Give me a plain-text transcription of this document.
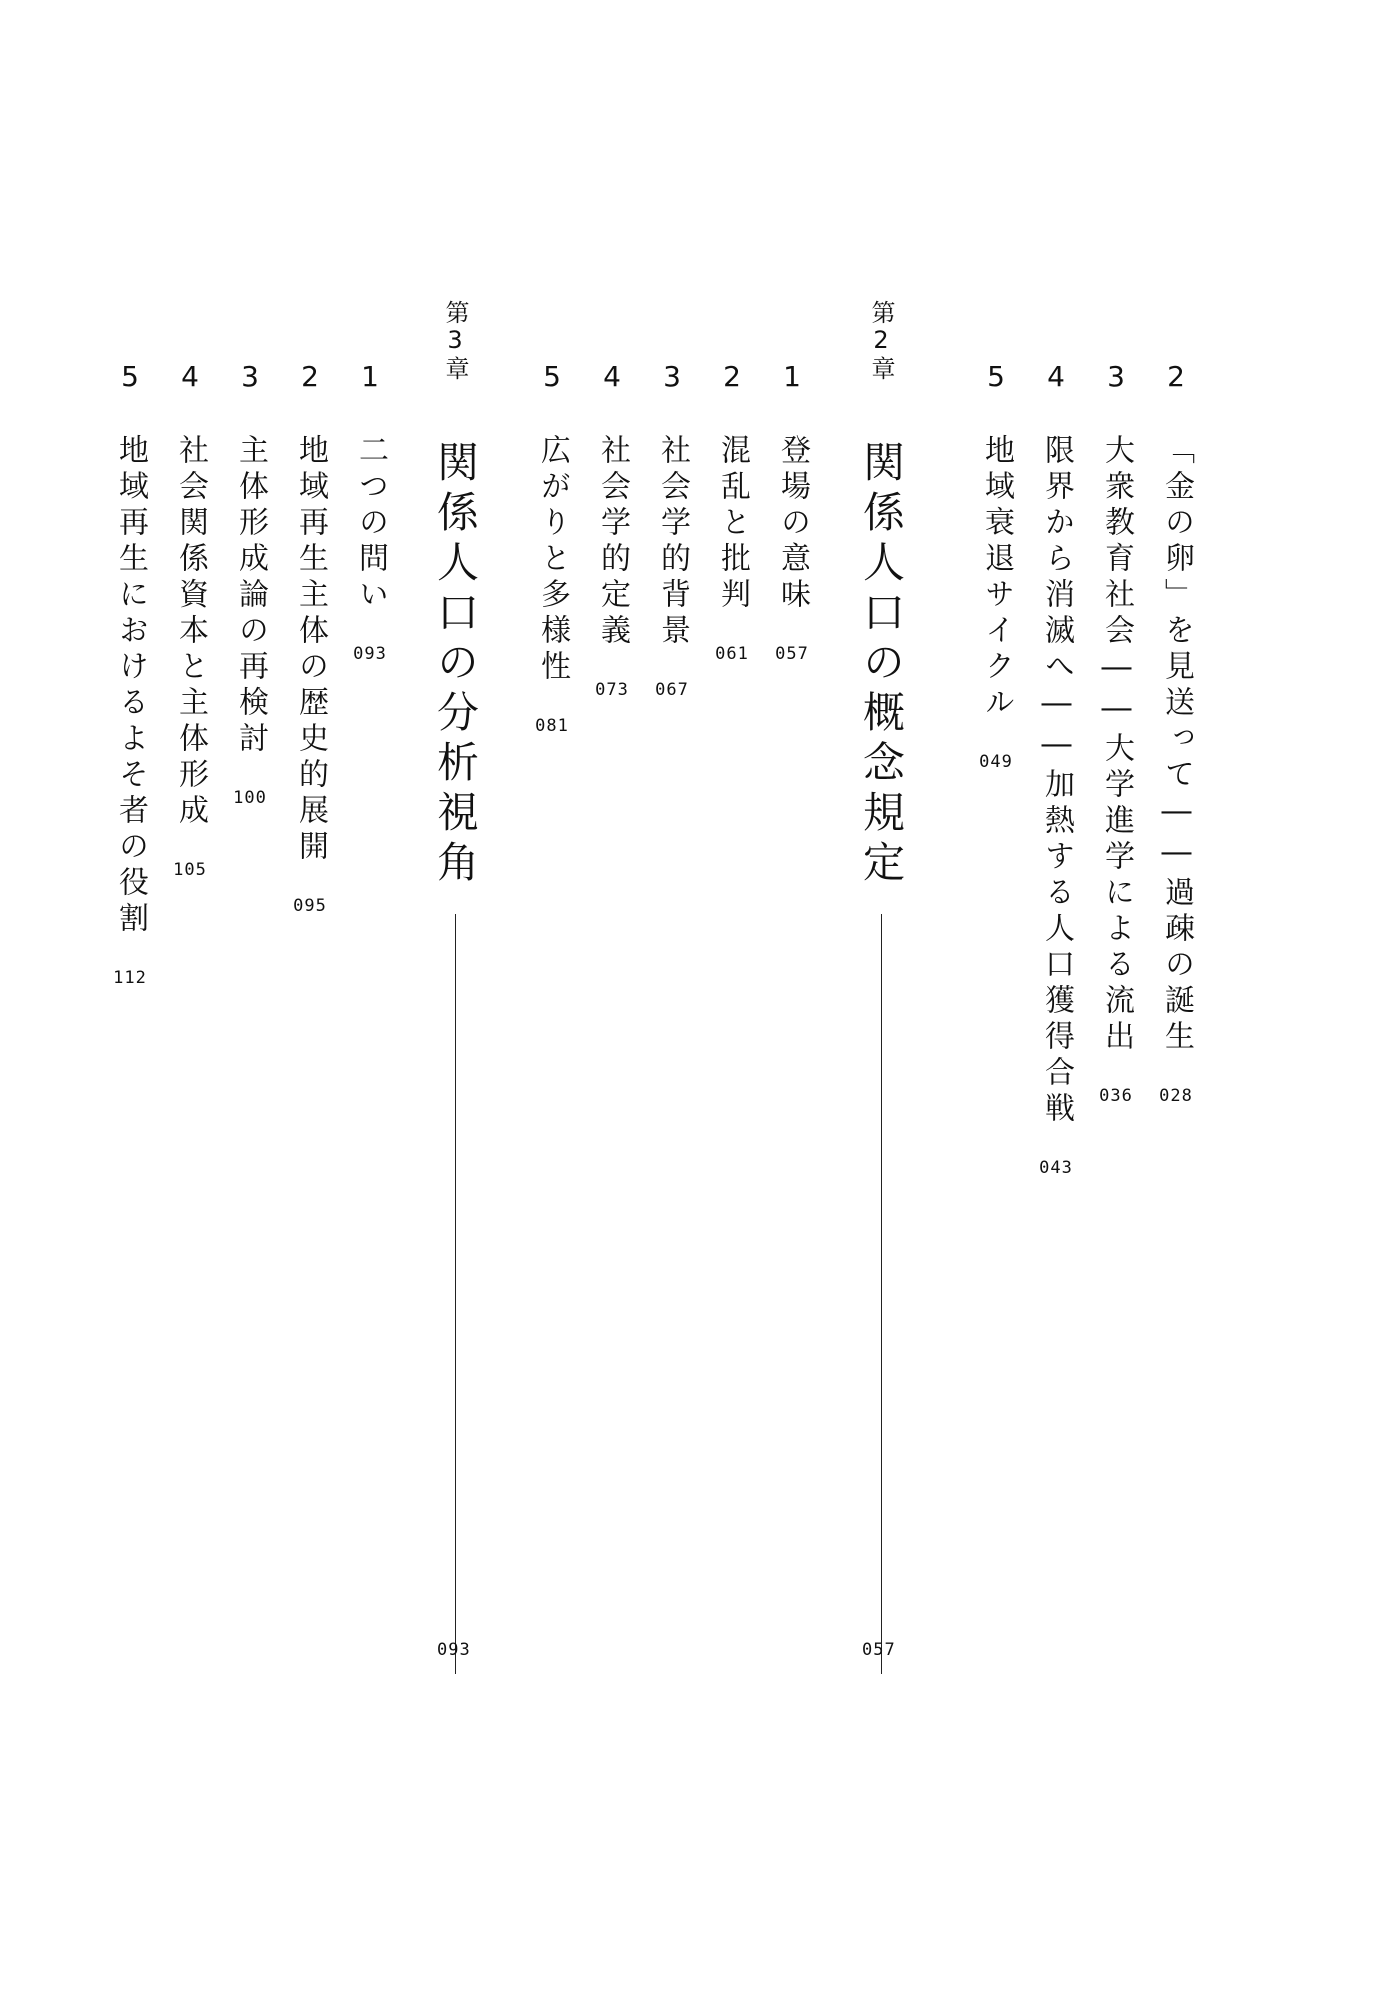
2
「金の卵」を見送って――過疎の誕生
028
3
大衆教育社会――大学進学による流出
036
4
限界から消滅へ――加熱する人口獲得合戦
043
5
地域衰退サイクル
049
第2章
関係人口の概念規定
057
1
登場の意味
057
2
混乱と批判
061
3
社会学的背景
067
4
社会学的定義
073
5
広がりと多様性
081
第3章
関係人口の分析視角
093
1
二つの問い
093
2
地域再生主体の歴史的展開
095
3
主体形成論の再検討
100
4
社会関係資本と主体形成
105
5
地域再生におけるよそ者の役割
112
